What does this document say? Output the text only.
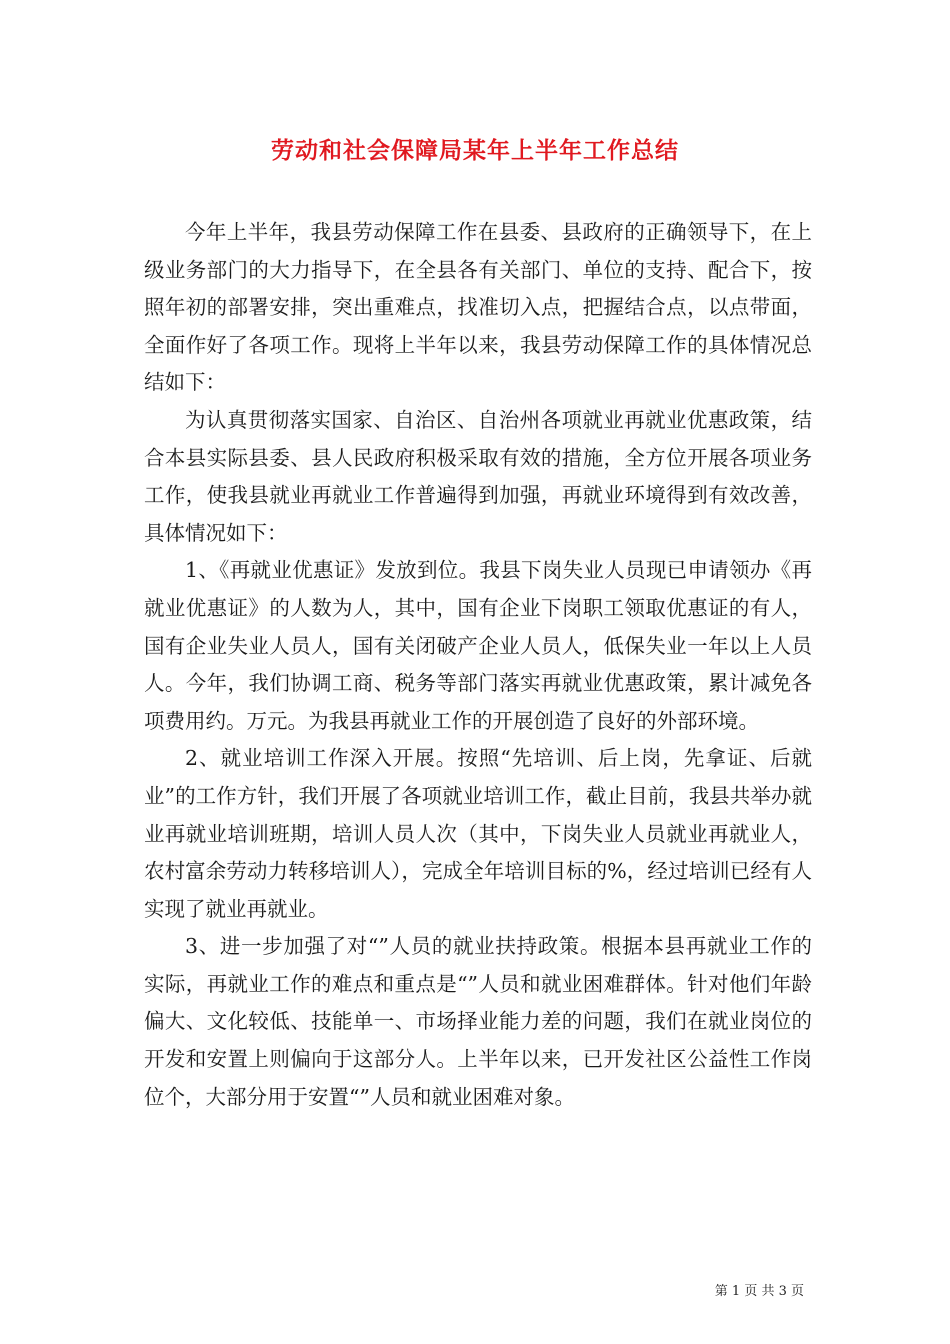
劳动和社会保障局某年上半年工作总结

今年上半年，我县劳动保障工作在县委、县政府的正确领导下，在上级业务部门的大力指导下，在全县各有关部门、单位的支持、配合下，按照年初的部署安排，突出重难点，找准切入点，把握结合点，以点带面，全面作好了各项工作。现将上半年以来，我县劳动保障工作的具体情况总结如下：

为认真贯彻落实国家、自治区、自治州各项就业再就业优惠政策，结合本县实际县委、县人民政府积极采取有效的措施，全方位开展各项业务工作，使我县就业再就业工作普遍得到加强，再就业环境得到有效改善，具体情况如下：

1、《再就业优惠证》发放到位。我县下岗失业人员现已申请领办《再就业优惠证》的人数为人，其中，国有企业下岗职工领取优惠证的有人，国有企业失业人员人，国有关闭破产企业人员人，低保失业一年以上人员人。今年，我们协调工商、税务等部门落实再就业优惠政策，累计减免各项费用约。万元。为我县再就业工作的开展创造了良好的外部环境。

2、就业培训工作深入开展。按照“先培训、后上岗，先拿证、后就业”的工作方针，我们开展了各项就业培训工作，截止目前，我县共举办就业再就业培训班期，培训人员人次（其中，下岗失业人员就业再就业人，农村富余劳动力转移培训人），完成全年培训目标的%，经过培训已经有人实现了就业再就业。

3、进一步加强了对“”人员的就业扶持政策。根据本县再就业工作的实际，再就业工作的难点和重点是“”人员和就业困难群体。针对他们年龄偏大、文化较低、技能单一、市场择业能力差的问题，我们在就业岗位的开发和安置上则偏向于这部分人。上半年以来，已开发社区公益性工作岗位个，大部分用于安置“”人员和就业困难对象。

第 1 页 共 3 页
